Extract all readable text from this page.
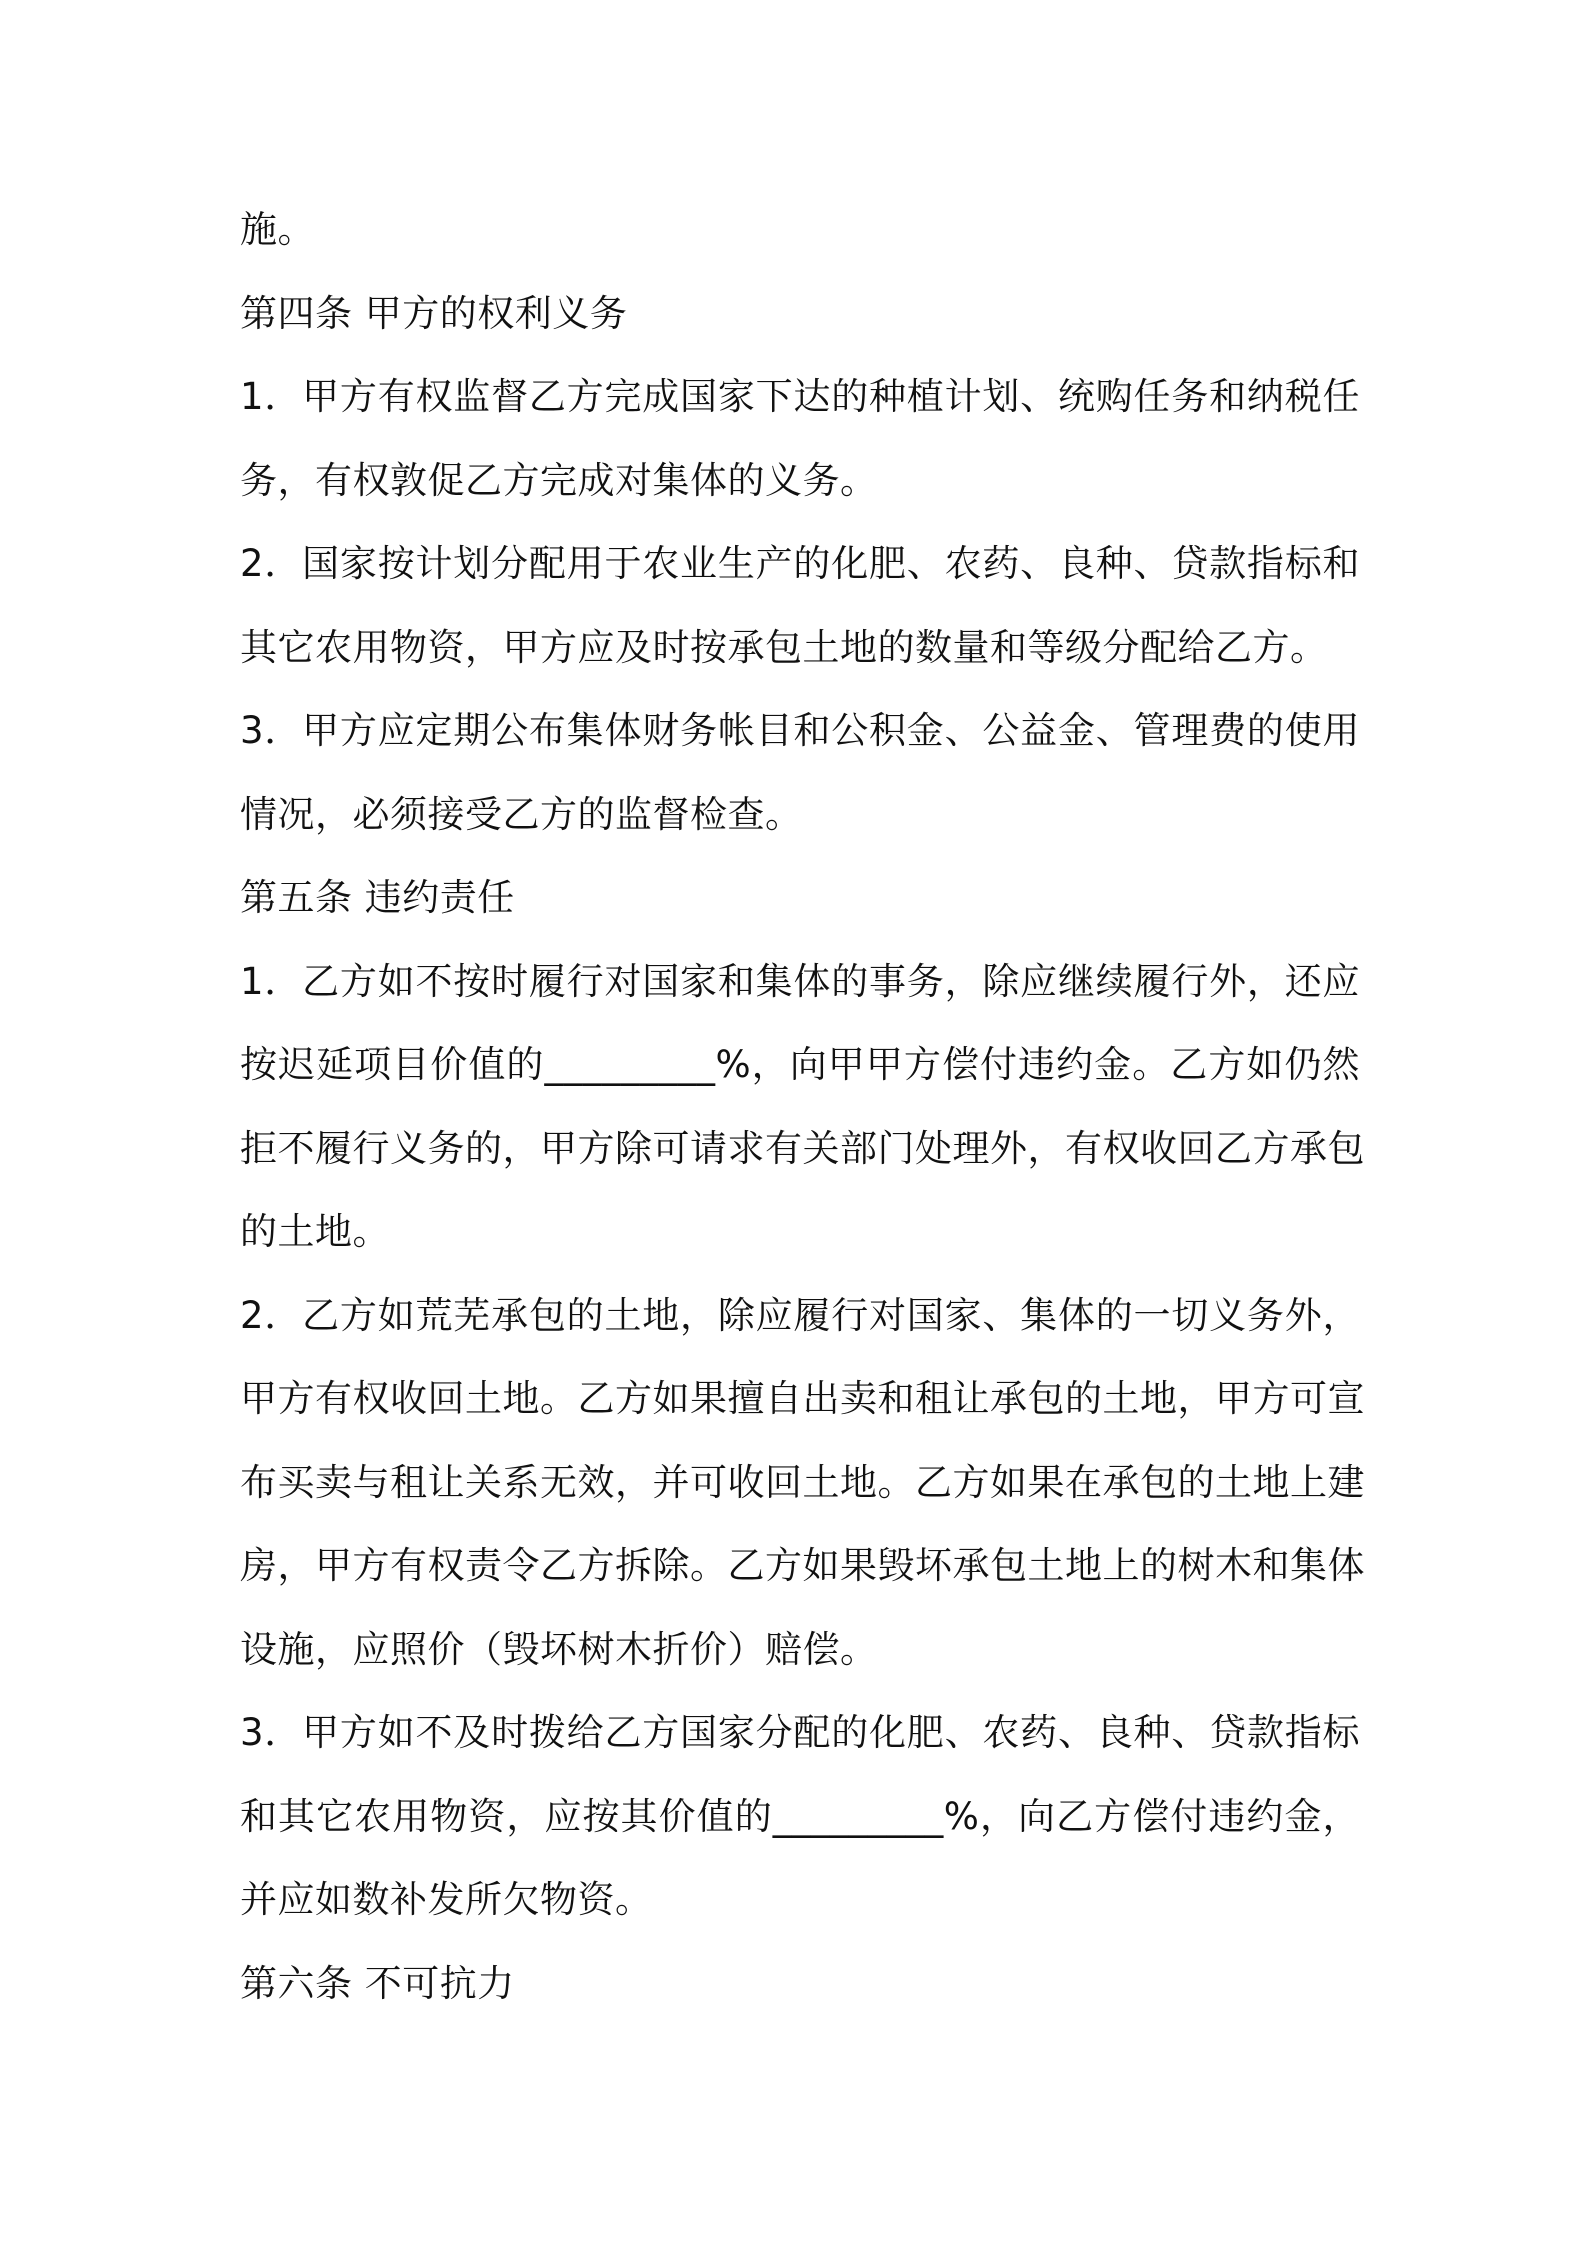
施。
第四条 甲方的权利义务
1．甲方有权监督乙方完成国家下达的种植计划、统购任务和纳税任
务，有权敦促乙方完成对集体的义务。
2．国家按计划分配用于农业生产的化肥、农药、良种、贷款指标和
其它农用物资，甲方应及时按承包土地的数量和等级分配给乙方。
3．甲方应定期公布集体财务帐目和公积金、公益金、管理费的使用
情况，必须接受乙方的监督检查。
第五条 违约责任
1．乙方如不按时履行对国家和集体的事务，除应继续履行外，还应
按迟延项目价值的_________%，向甲甲方偿付违约金。乙方如仍然
拒不履行义务的，甲方除可请求有关部门处理外，有权收回乙方承包
的土地。
2．乙方如荒芜承包的土地，除应履行对国家、集体的一切义务外，
甲方有权收回土地。乙方如果擅自出卖和租让承包的土地，甲方可宣
布买卖与租让关系无效，并可收回土地。乙方如果在承包的土地上建
房，甲方有权责令乙方拆除。乙方如果毁坏承包土地上的树木和集体
设施，应照价（毁坏树木折价）赔偿。
3．甲方如不及时拨给乙方国家分配的化肥、农药、良种、贷款指标
和其它农用物资，应按其价值的_________%，向乙方偿付违约金，
并应如数补发所欠物资。
第六条 不可抗力
